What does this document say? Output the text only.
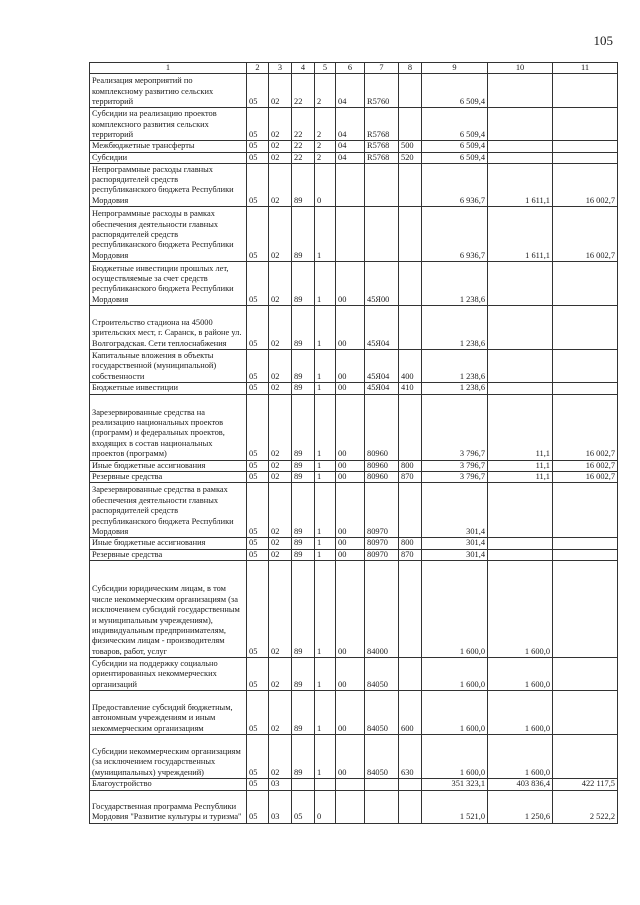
105
1	2	3	4	5	6	7	8	9	10	11
Реализация мероприятий по комплексному развитию сельских территорий	05	02	22	2	04	R5760		6 509,4		
Субсидии на реализацию проектов комплексного развития сельских территорий	05	02	22	2	04	R5768		6 509,4		
Межбюджетные трансферты	05	02	22	2	04	R5768	500	6 509,4		
Субсидии	05	02	22	2	04	R5768	520	6 509,4		
Непрограммные расходы главных распорядителей средств республиканского бюджета Республики Мордовия	05	02	89	0				6 936,7	1 611,1	16 002,7
Непрограммные расходы в рамках обеспечения деятельности главных распорядителей средств республиканского бюджета Республики Мордовия	05	02	89	1				6 936,7	1 611,1	16 002,7
Бюджетные инвестиции прошлых лет, осуществляемые за счет средств республиканского бюджета Республики Мордовия	05	02	89	1	00	45Я00		1 238,6		
Строительство стадиона на 45000 зрительских мест, г. Саранск, в районе ул. Волгоградская. Сети теплоснабжения	05	02	89	1	00	45Я04		1 238,6		
Капитальные вложения в объекты государственной (муниципальной) собственности	05	02	89	1	00	45Я04	400	1 238,6		
Бюджетные инвестиции	05	02	89	1	00	45Я04	410	1 238,6		
Зарезервированные средства на реализацию национальных проектов (программ) и федеральных проектов, входящих в состав национальных проектов (программ)	05	02	89	1	00	80960		3 796,7	11,1	16 002,7
Иные бюджетные ассигнования	05	02	89	1	00	80960	800	3 796,7	11,1	16 002,7
Резервные средства	05	02	89	1	00	80960	870	3 796,7	11,1	16 002,7
Зарезервированные средства в рамках обеспечения деятельности главных распорядителей средств республиканского бюджета Республики Мордовия	05	02	89	1	00	80970		301,4		
Иные бюджетные ассигнования	05	02	89	1	00	80970	800	301,4		
Резервные средства	05	02	89	1	00	80970	870	301,4		
Субсидии юридическим лицам, в том числе некоммерческим организациям (за исключением субсидий государственным и муниципальным учреждениям), индивидуальным предпринимателям, физическим лицам - производителям товаров, работ, услуг	05	02	89	1	00	84000		1 600,0	1 600,0	
Субсидии на поддержку социально ориентированных некоммерческих организаций	05	02	89	1	00	84050		1 600,0	1 600,0	
Предоставление субсидий бюджетным, автономным учреждениям и иным некоммерческим организациям	05	02	89	1	00	84050	600	1 600,0	1 600,0	
Субсидии некоммерческим организациям (за исключением государственных (муниципальных) учреждений)	05	02	89	1	00	84050	630	1 600,0	1 600,0	
Благоустройство	05	03						351 323,1	403 836,4	422 117,5
Государственная программа Республики Мордовия "Развитие культуры и туризма"	05	03	05	0				1 521,0	1 250,6	2 522,2
